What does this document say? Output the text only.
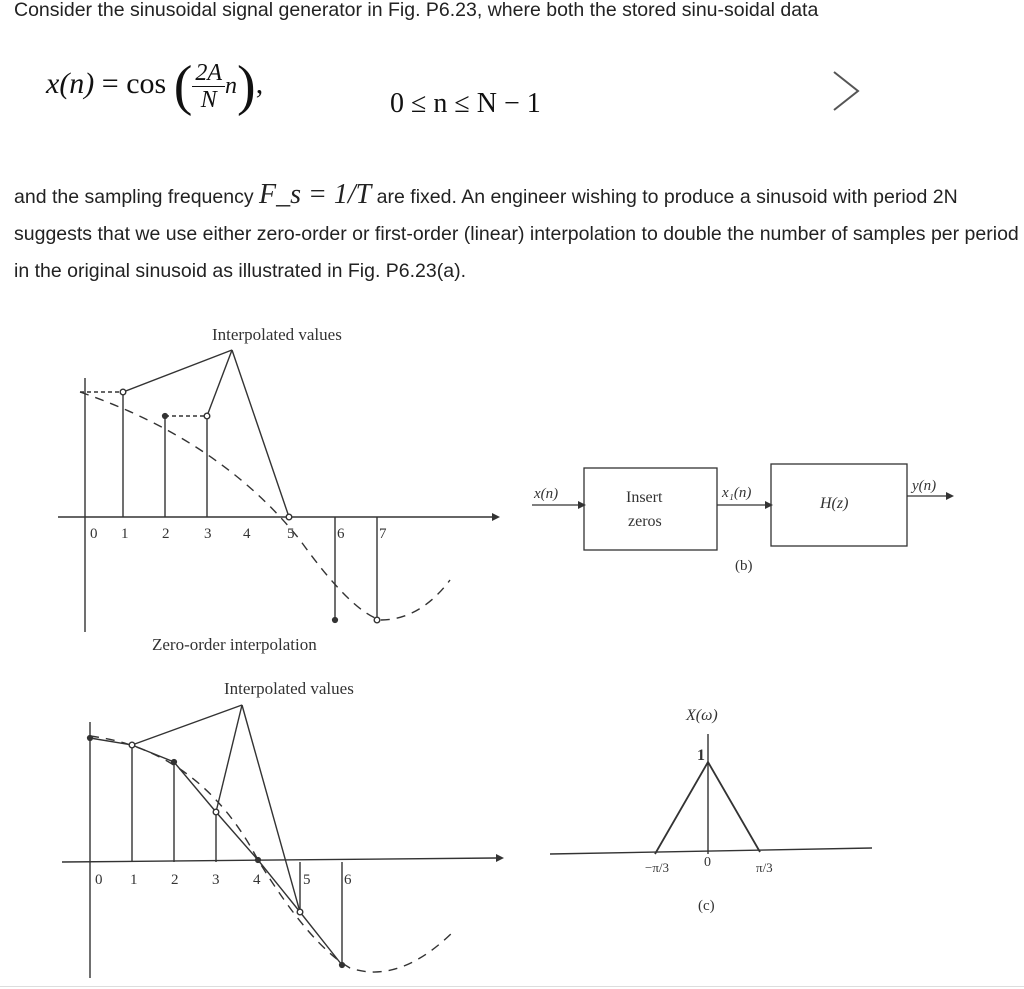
Consider the sinusoidal signal generator in Fig. P6.23, where both the stored sinu-soidal data

x(n) = cos ( $\frac{2A}{N} n$),
0 ≤ n ≤ N − 1
and the sampling frequency F_s = 1/T are fixed. An engineer wishing to produce a sinusoid with period 2N suggests that we use either zero-order or first-order (linear) interpolation to double the number of samples per period in the original sinusoid as illustrated in Fig. P6.23(a).
0 1 2 3 4 5	6 7
Interpolated values
Zero-order interpolation
0 1 2 3 4	5 6
Interpolated values
x(n)	Insert
zeros
x₁(n)
H(z)
y(n)
(b)
X(ω)
1
−π/3 0	π/3
(c)
